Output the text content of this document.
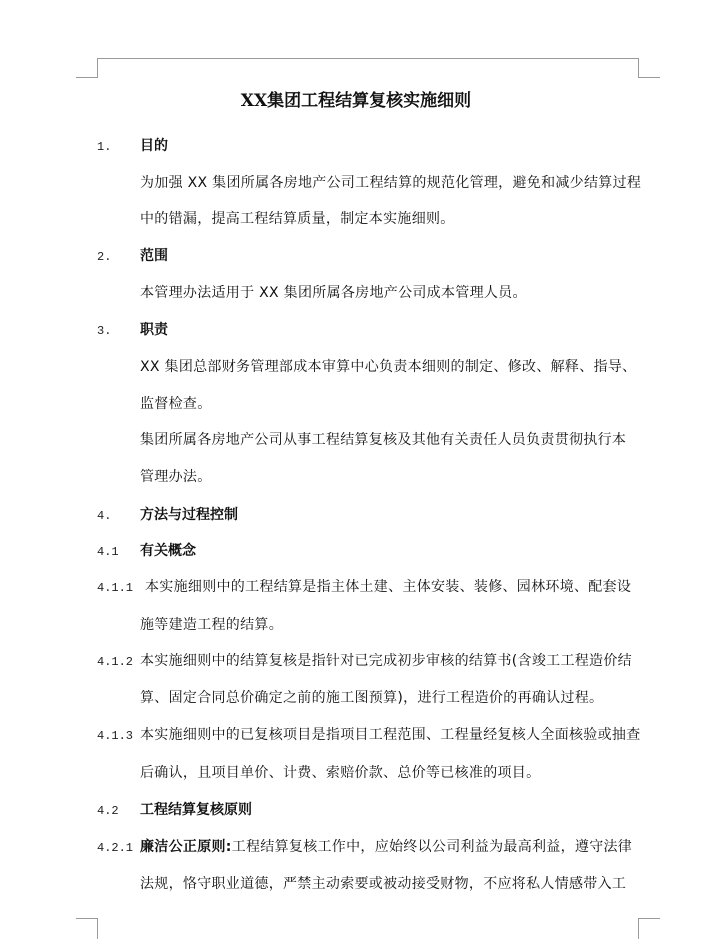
XX集团工程结算复核实施细则
1. 目的
为加强 XX 集团所属各房地产公司工程结算的规范化管理，避免和减少结算过程
中的错漏，提高工程结算质量，制定本实施细则。
2. 范围
本管理办法适用于 XX 集团所属各房地产公司成本管理人员。
3. 职责
XX 集团总部财务管理部成本审算中心负责本细则的制定、修改、解释、指导、
监督检查。
集团所属各房地产公司从事工程结算复核及其他有关责任人员负责贯彻执行本
管理办法。
4. 方法与过程控制
4.1 有关概念
4.1.1 本实施细则中的工程结算是指主体土建、主体安装、装修、园林环境、配套设
施等建造工程的结算。
4.1.2 本实施细则中的结算复核是指针对已完成初步审核的结算书(含竣工工程造价结
算、固定合同总价确定之前的施工图预算)，进行工程造价的再确认过程。
4.1.3 本实施细则中的已复核项目是指项目工程范围、工程量经复核人全面核验或抽查
后确认，且项目单价、计费、索赔价款、总价等已核准的项目。
4.2 工程结算复核原则
4.2.1 廉洁公正原则:工程结算复核工作中，应始终以公司利益为最高利益，遵守法律
法规，恪守职业道德，严禁主动索要或被动接受财物，不应将私人情感带入工
